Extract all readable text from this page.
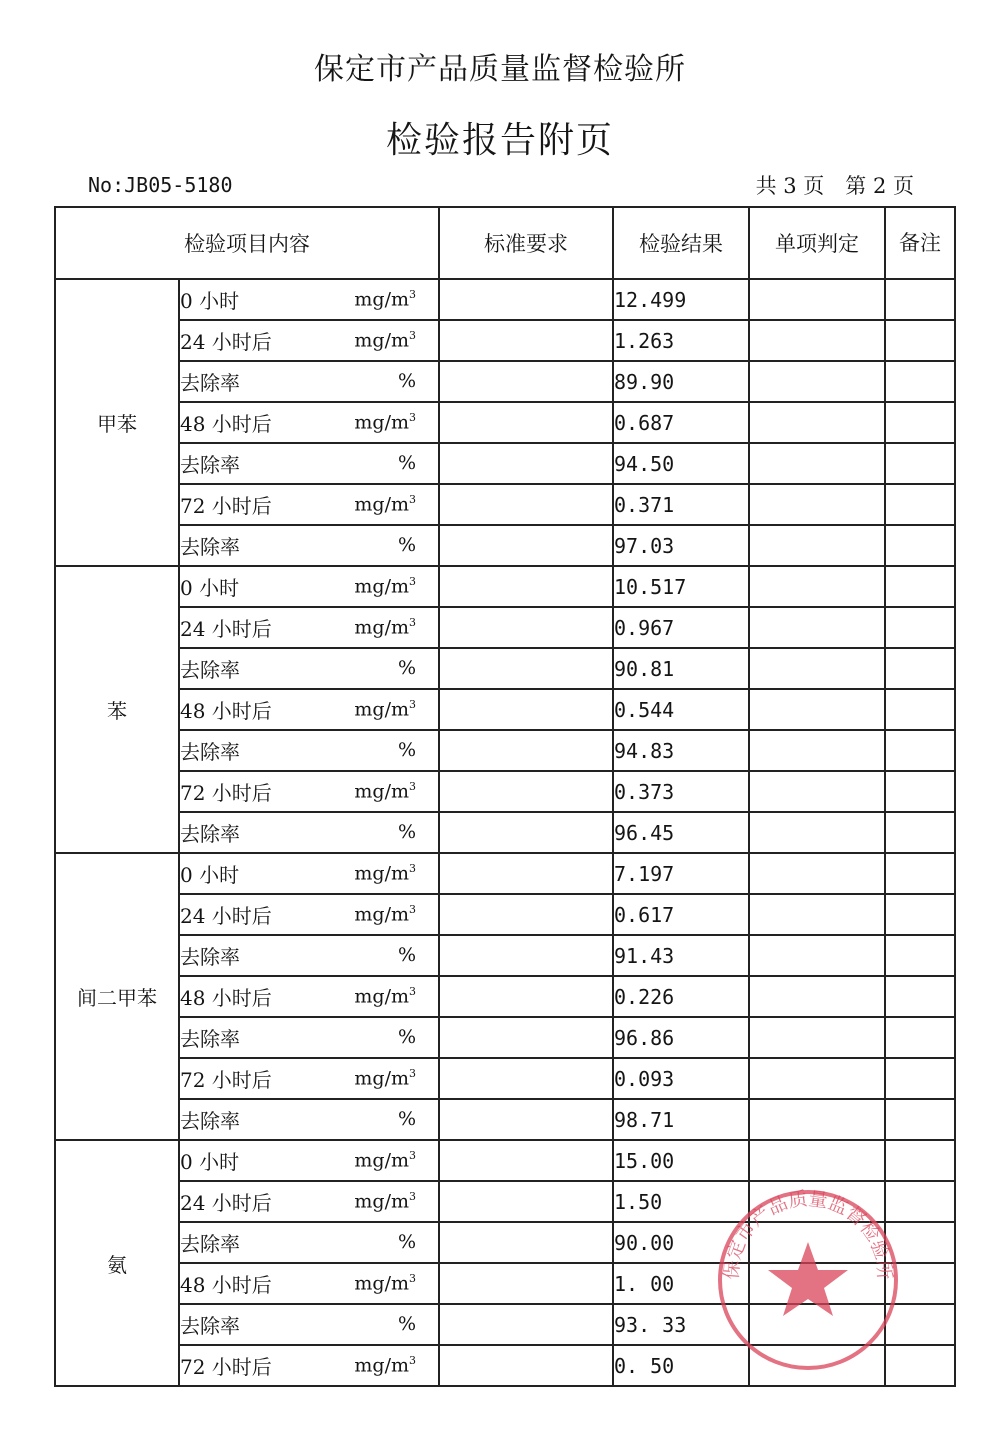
保定市产品质量监督检验所
检验报告附页
No:JB05-5180	共 3 页　第 2 页
检验项目内容		标准要求	检验结果	单项判定	备注
甲苯	0 小时 $mg/m^3$		12.499		
	24 小时后 $mg/m^3$		1.263		
	去除率 %		89.90		
	48 小时后 $mg/m^3$		0.687		
	去除率 %		94.50		
	72 小时后 $mg/m^3$		0.371		
	去除率 %		97.03		
苯	0 小时 $mg/m^3$		10.517		
	24 小时后 $mg/m^3$		0.967		
	去除率 %		90.81		
	48 小时后 $mg/m^3$		0.544		
	去除率 %		94.83		
	72 小时后 $mg/m^3$		0.373		
	去除率 %		96.45		
间二甲苯	0 小时 $mg/m^3$		7.197		
	24 小时后 $mg/m^3$		0.617		
	去除率 %		91.43		
	48 小时后 $mg/m^3$		0.226		
	去除率 %		96.86		
	72 小时后 $mg/m^3$		0.093		
	去除率 %		98.71		
氨	0 小时 $mg/m^3$		15.00		
	24 小时后 $mg/m^3$		1.50		
	去除率 %		90.00		
	48 小时后 $mg/m^3$		1. 00		
	去除率 %		93. 33		
	72 小时后 $mg/m^3$		0. 50		
保定市产品质量监督检验所
